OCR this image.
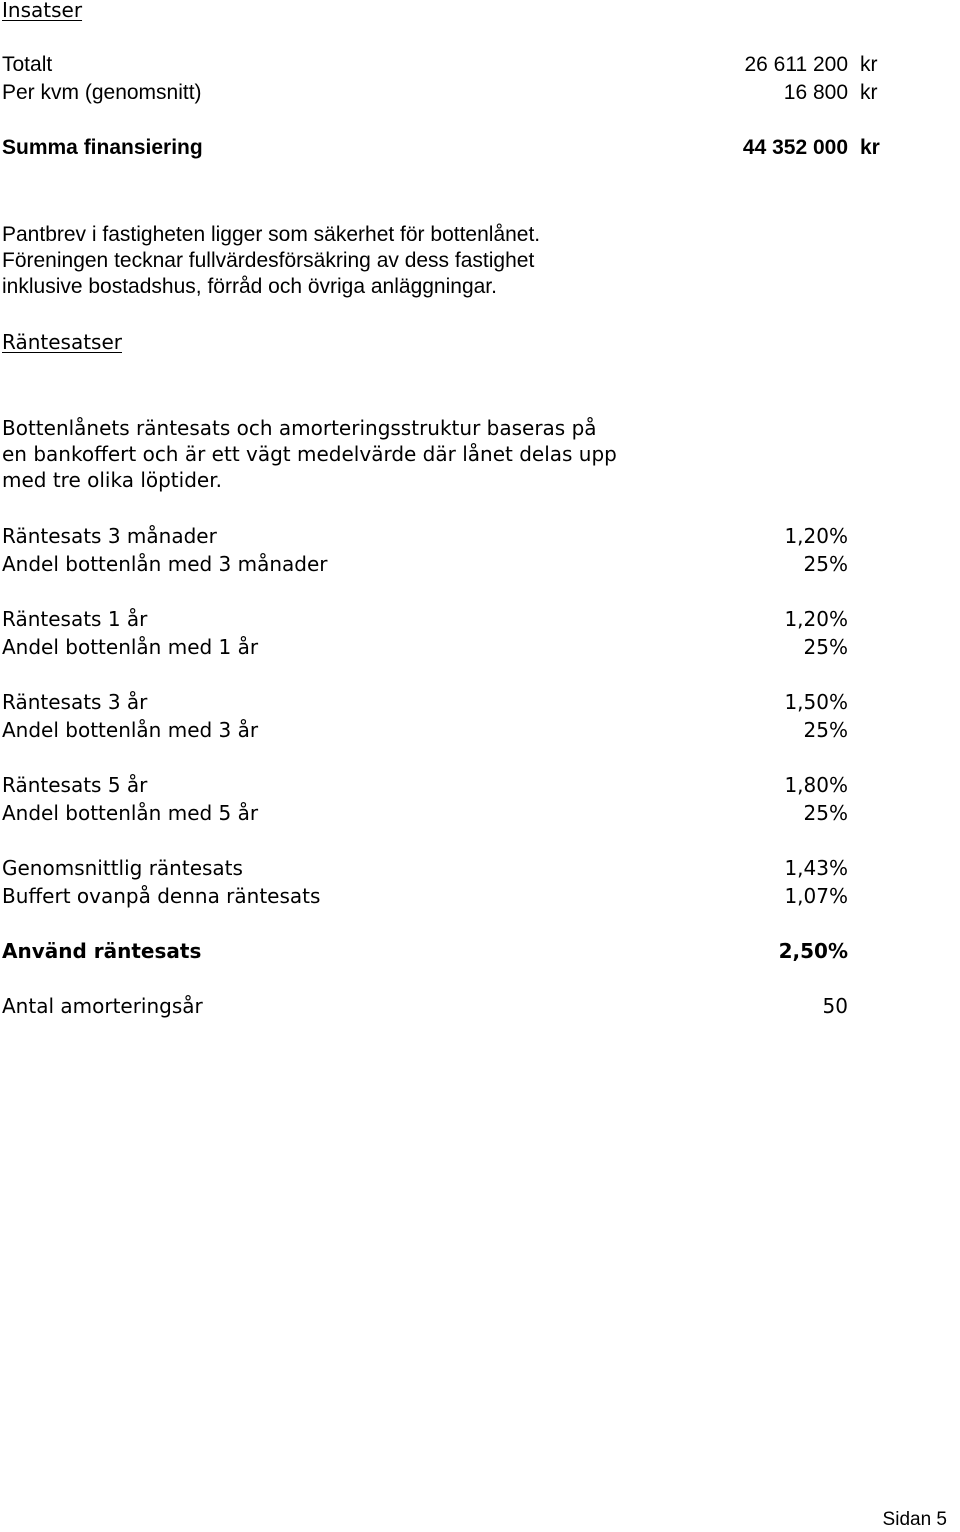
Insatser
Totalt	26 611 200 kr
Per kvm (genomsnitt)	16 800 kr
Summa finansiering	44 352 000 kr

Pantbrev i fastigheten ligger som säkerhet för bottenlånet.
Föreningen tecknar fullvärdesförsäkring av dess fastighet
inklusive bostadshus, förråd och övriga anläggningar.

Räntesatser

Bottenlånets räntesats och amorteringsstruktur baseras på
en bankoffert och är ett vägt medelvärde där lånet delas upp
med tre olika löptider.

Räntesats 3 månader	1,20%
Andel bottenlån med 3 månader	25%
Räntesats 1 år	1,20%
Andel bottenlån med 1 år	25%
Räntesats 3 år	1,50%
Andel bottenlån med 3 år	25%
Räntesats 5 år	1,80%
Andel bottenlån med 5 år	25%
Genomsnittlig räntesats	1,43%
Buffert ovanpå denna räntesats	1,07%
Använd räntesats	2,50%
Antal amorteringsår	50
Sidan 5
